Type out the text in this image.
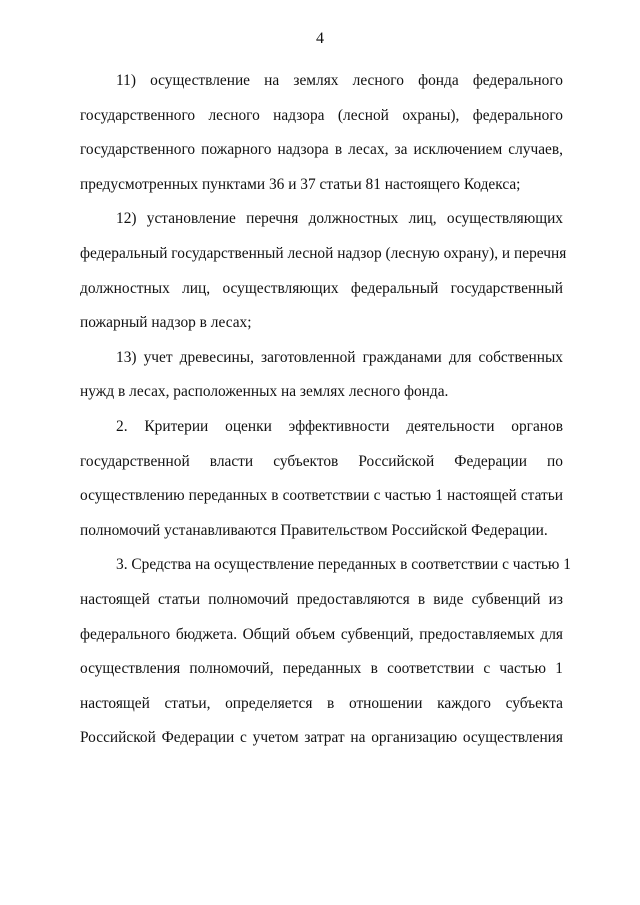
4
11) осуществление на землях лесного фонда федерального
государственного лесного надзора (лесной охраны), федерального
государственного пожарного надзора в лесах, за исключением случаев,
предусмотренных пунктами 36 и 37 статьи 81 настоящего Кодекса;
12) установление перечня должностных лиц, осуществляющих
федеральный государственный лесной надзор (лесную охрану), и перечня
должностных лиц, осуществляющих федеральный государственный
пожарный надзор в лесах;
13) учет древесины, заготовленной гражданами для собственных
нужд в лесах, расположенных на землях лесного фонда.
2. Критерии оценки эффективности деятельности органов
государственной власти субъектов Российской Федерации по
осуществлению переданных в соответствии с частью 1 настоящей статьи
полномочий устанавливаются Правительством Российской Федерации.
3. Средства на осуществление переданных в соответствии с частью 1
настоящей статьи полномочий предоставляются в виде субвенций из
федерального бюджета. Общий объем субвенций, предоставляемых для
осуществления полномочий, переданных в соответствии с частью 1
настоящей статьи, определяется в отношении каждого субъекта
Российской Федерации с учетом затрат на организацию осуществления
